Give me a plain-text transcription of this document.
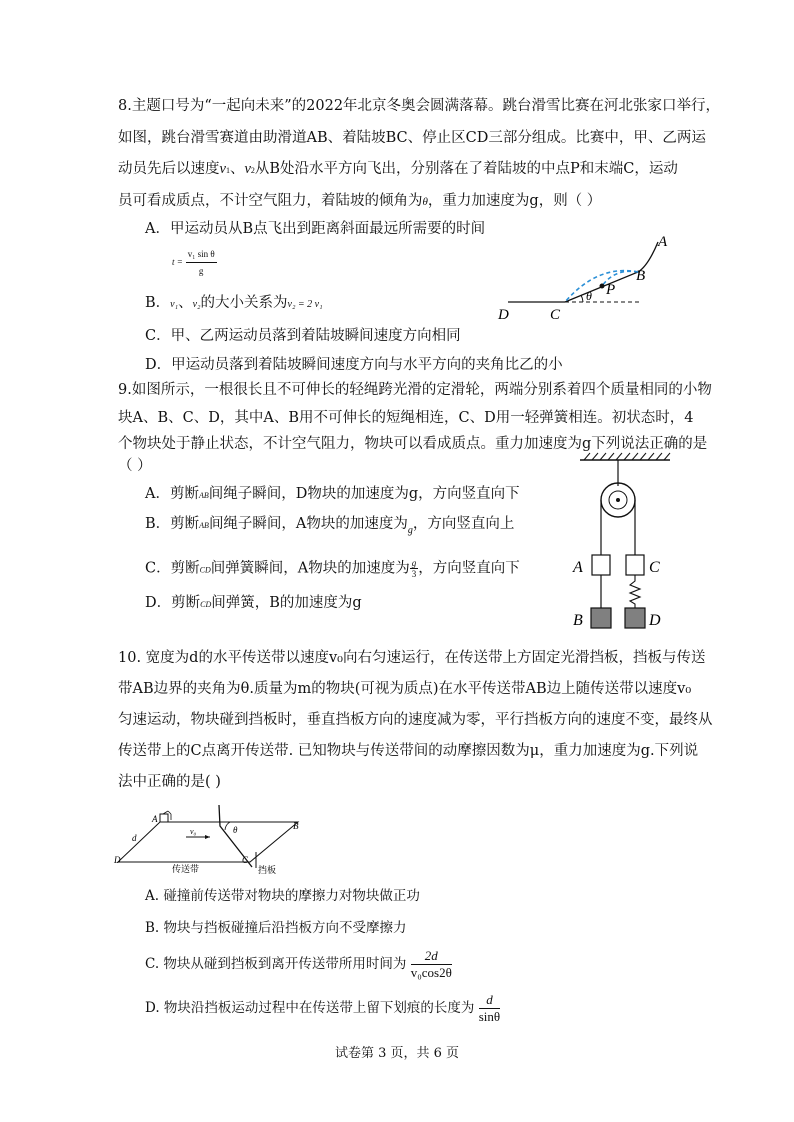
8.主题口号为“一起向未来”的2022年北京冬奥会圆满落幕。跳台滑雪比赛在河北张家口举行，
如图，跳台滑雪赛道由助滑道AB、着陆坡BC、停止区CD三部分组成。比赛中，甲、乙两运
动员先后以速度v1、v2从B处沿水平方向飞出，分别落在了着陆坡的中点P和末端C，运动
员可看成质点，不计空气阻力，着陆坡的倾角为θ，重力加速度为g，则（ ）
A．甲运动员从B点飞出到距离斜面最远所需要的时间
$t = \frac{\text{v₁ sin θ}}{g}$
B．v₁、v₂的大小关系为v₂ = 2 v₁
C．甲、乙两运动员落到着陆坡瞬间速度方向相同
D．甲运动员落到着陆坡瞬间速度方向与水平方向的夹角比乙的小
A
B
P
θ
C
D
9.如图所示，一根很长且不可伸长的轻绳跨光滑的定滑轮，两端分别系着四个质量相同的小物
块A、B、C、D，其中A、B用不可伸长的短绳相连，C、D用一轻弹簧相连。初状态时，4
个物块处于静止状态，不计空气阻力，物块可以看成质点。重力加速度为g下列说法正确的是
（ ）
A．剪断AB间绳子瞬间，D物块的加速度为g，方向竖直向下
B．剪断AB间绳子瞬间，A物块的加速度为$_g$，方向竖直向上
C．剪断CD间弹簧瞬间，A物块的加速度为 $\frac{g}{3}$ ，方向竖直向下
D．剪断CD间弹簧，B的加速度为g
A	C
B	D
10. 宽度为d的水平传送带以速度v₀向右匀速运行，在传送带上方固定光滑挡板，挡板与传送
带AB边界的夹角为θ.质量为m的物块(可视为质点)在水平传送带AB边上随传送带以速度v₀
匀速运动，物块碰到挡板时，垂直挡板方向的速度减为零，平行挡板方向的速度不变，最终从
传送带上的C点离开传送带. 已知物块与传送带间的动摩擦因数为μ，重力加速度为g.下列说
法中正确的是( )
A
B
C
D
d
v₀	θ
传送带	挡板
A. 碰撞前传送带对物块的摩擦力对物块做正功
B. 物块与挡板碰撞后沿挡板方向不受摩擦力
C. 物块从碰到挡板到离开传送带所用时间为 $\frac{2d}{\text{v₀cos2θ}}$
D. 物块沿挡板运动过程中在传送带上留下划痕的长度为 $\frac{d}{\sin\theta}$
试卷第 3 页，共 6 页
